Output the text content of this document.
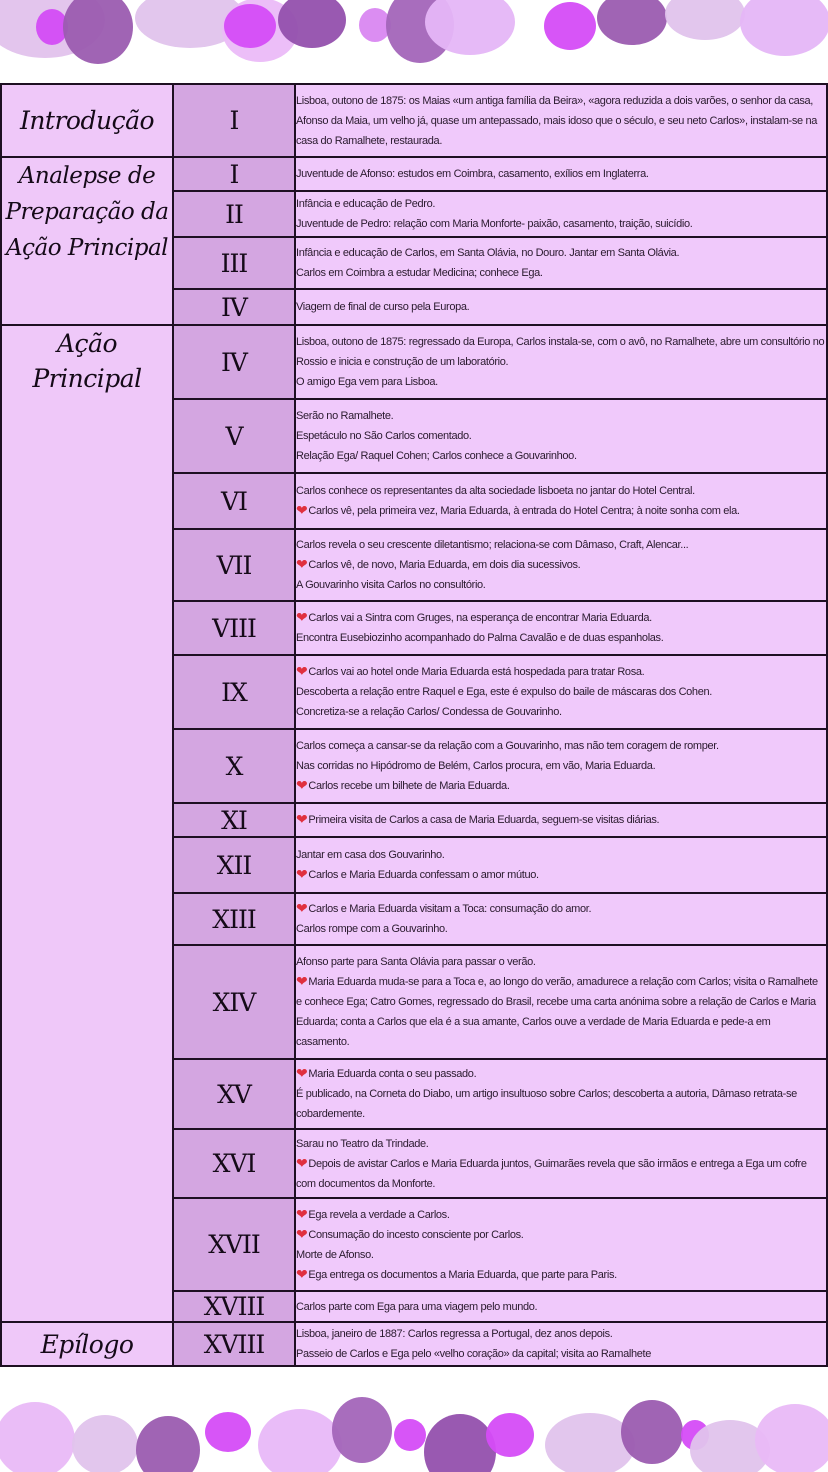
Introdução	I	Lisboa, outono de 1875: os Maias «um antiga família da Beira», «agora reduzida a dois varões, o senhor da casa, Afonso da Maia, um velho já, quase um antepassado, mais idoso que o século, e seu neto Carlos», instalam-se na casa do Ramalhete, restaurada.

Analepse de Preparação da Ação Principal	I	Juventude de Afonso: estudos em Coimbra, casamento, exílios em Inglaterra.

	II	Infância e educação de Pedro.
Juventude de Pedro: relação com Maria Monforte- paixão, casamento, traição, suicídio.

	III	Infância e educação de Carlos, em Santa Olávia, no Douro. Jantar em Santa Olávia.
Carlos em Coimbra a estudar Medicina; conhece Ega.

	IV	Viagem de final de curso pela Europa.

Ação Principal	IV	Lisboa, outono de 1875: regressado da Europa, Carlos instala-se, com o avô, no Ramalhete, abre um consultório no Rossio e inicia e construção de um laboratório.
O amigo Ega vem para Lisboa.

	V	Serão no Ramalhete.
Espetáculo no São Carlos comentado.
Relação Ega/ Raquel Cohen; Carlos conhece a Gouvarinhoo.

	VI	Carlos conhece os representantes da alta sociedade lisboeta no jantar do Hotel Central.
❤Carlos vê, pela primeira vez, Maria Eduarda, à entrada do Hotel Centra; à noite sonha com ela.

	VII	Carlos revela o seu crescente diletantismo; relaciona-se com Dâmaso, Craft, Alencar...
❤Carlos vê, de novo, Maria Eduarda, em dois dia sucessivos.
A Gouvarinho visita Carlos no consultório.

	VIII	❤Carlos vai a Sintra com Gruges, na esperança de encontrar Maria Eduarda.
Encontra Eusebiozinho acompanhado do Palma Cavalão e de duas espanholas.

	IX	❤Carlos vai ao hotel onde Maria Eduarda está hospedada para tratar Rosa.
Descoberta a relação entre Raquel e Ega, este é expulso do baile de máscaras dos Cohen.
Concretiza-se a relação Carlos/ Condessa de Gouvarinho.

	X	Carlos começa a cansar-se da relação com a Gouvarinho, mas não tem coragem de romper.
Nas corridas no Hipódromo de Belém, Carlos procura, em vão, Maria Eduarda.
❤Carlos recebe um bilhete de Maria Eduarda.

	XI	❤Primeira visita de Carlos a casa de Maria Eduarda, seguem-se visitas diárias.

	XII	Jantar em casa dos Gouvarinho.
❤Carlos e Maria Eduarda confessam o amor mútuo.

	XIII	❤Carlos e Maria Eduarda visitam a Toca: consumação do amor.
Carlos rompe com a Gouvarinho.

	XIV	Afonso parte para Santa Olávia para passar o verão.
❤Maria Eduarda muda-se para a Toca e, ao longo do verão, amadurece a relação com Carlos; visita o Ramalhete e conhece Ega; Catro Gomes, regressado do Brasil, recebe uma carta anónima sobre a relação de Carlos e Maria Eduarda; conta a Carlos que ela é a sua amante, Carlos ouve a verdade de Maria Eduarda e pede-a em casamento.

	XV	❤Maria Eduarda conta o seu passado.
É publicado, na Corneta do Diabo, um artigo insultuoso sobre Carlos; descoberta a autoria, Dâmaso retrata-se cobardemente.

	XVI	Sarau no Teatro da Trindade.
❤Depois de avistar Carlos e Maria Eduarda juntos, Guimarães revela que são irmãos e entrega a Ega um cofre com documentos da Monforte.

	XVII	❤Ega revela a verdade a Carlos.
❤Consumação do incesto consciente por Carlos.
Morte de Afonso.
❤Ega entrega os documentos a Maria Eduarda, que parte para Paris.

	XVIII	Carlos parte com Ega para uma viagem pelo mundo.

Epílogo	XVIII	Lisboa, janeiro de 1887: Carlos regressa a Portugal, dez anos depois.
Passeio de Carlos e Ega pelo «velho coração» da capital; visita ao Ramalhete
